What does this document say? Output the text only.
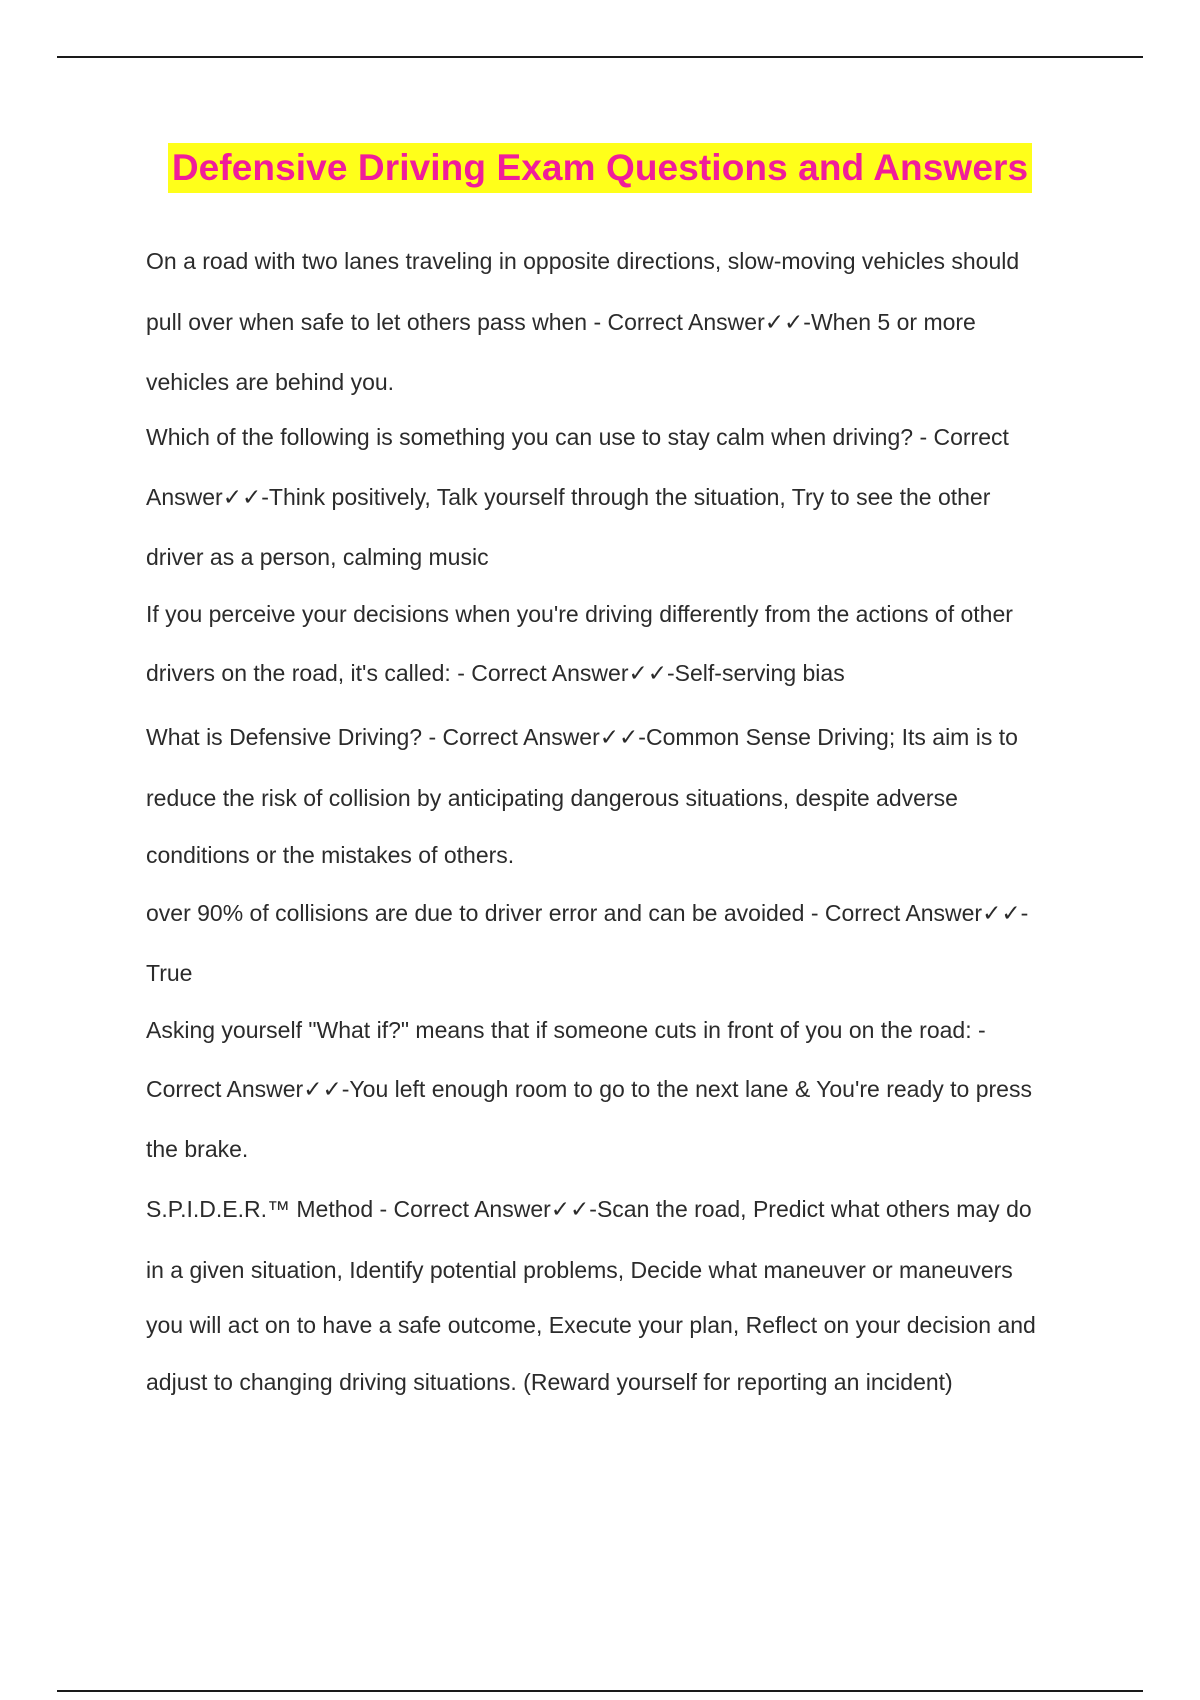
Defensive Driving Exam Questions and Answers
On a road with two lanes traveling in opposite directions, slow-moving vehicles should
pull over when safe to let others pass when - Correct Answer✓✓-When 5 or more
vehicles are behind you.
Which of the following is something you can use to stay calm when driving? - Correct
Answer✓✓-Think positively, Talk yourself through the situation, Try to see the other
driver as a person, calming music
If you perceive your decisions when you're driving differently from the actions of other
drivers on the road, it's called: - Correct Answer✓✓-Self-serving bias
What is Defensive Driving? - Correct Answer✓✓-Common Sense Driving; Its aim is to
reduce the risk of collision by anticipating dangerous situations, despite adverse
conditions or the mistakes of others.
over 90% of collisions are due to driver error and can be avoided - Correct Answer✓✓-
True
Asking yourself "What if?" means that if someone cuts in front of you on the road: -
Correct Answer✓✓-You left enough room to go to the next lane & You're ready to press
the brake.
S.P.I.D.E.R.™ Method - Correct Answer✓✓-Scan the road, Predict what others may do
in a given situation, Identify potential problems, Decide what maneuver or maneuvers
you will act on to have a safe outcome, Execute your plan, Reflect on your decision and
adjust to changing driving situations. (Reward yourself for reporting an incident)
